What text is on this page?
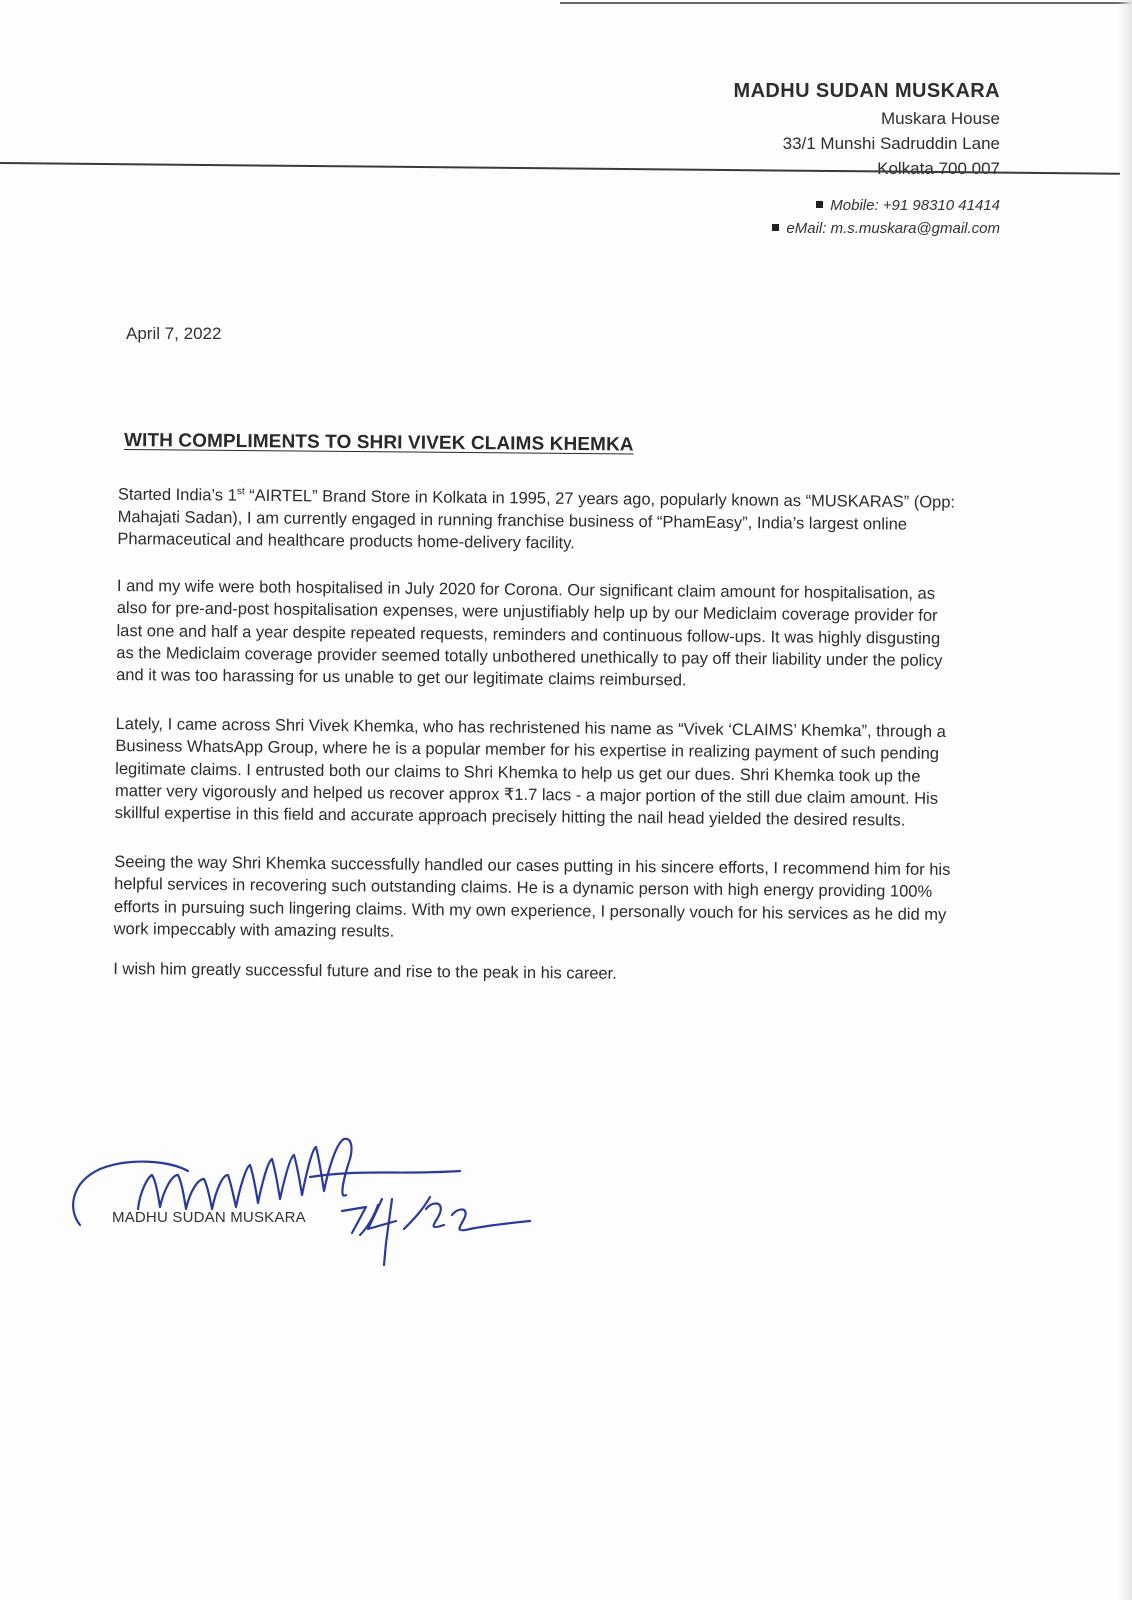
MADHU SUDAN MUSKARA
Muskara House
33/1 Munshi Sadruddin Lane
Kolkata 700 007
Mobile: +91 98310 41414
eMail: m.s.muskara@gmail.com
April 7, 2022
WITH COMPLIMENTS TO SHRI VIVEK CLAIMS KHEMKA

Started India’s 1st “AIRTEL” Brand Store in Kolkata in 1995, 27 years ago, popularly known as “MUSKARAS” (Opp: Mahajati Sadan), I am currently engaged in running franchise business of “PhamEasy”, India’s largest online Pharmaceutical and healthcare products home-delivery facility.

I and my wife were both hospitalised in July 2020 for Corona. Our significant claim amount for hospitalisation, as also for pre-and-post hospitalisation expenses, were unjustifiably help up by our Mediclaim coverage provider for last one and half a year despite repeated requests, reminders and continuous follow-ups. It was highly disgusting as the Mediclaim coverage provider seemed totally unbothered unethically to pay off their liability under the policy and it was too harassing for us unable to get our legitimate claims reimbursed.

Lately, I came across Shri Vivek Khemka, who has rechristened his name as “Vivek ‘CLAIMS’ Khemka”, through a Business WhatsApp Group, where he is a popular member for his expertise in realizing payment of such pending legitimate claims. I entrusted both our claims to Shri Khemka to help us get our dues. Shri Khemka took up the matter very vigorously and helped us recover approx ₹1.7 lacs - a major portion of the still due claim amount. His skillful expertise in this field and accurate approach precisely hitting the nail head yielded the desired results.

Seeing the way Shri Khemka successfully handled our cases putting in his sincere efforts, I recommend him for his helpful services in recovering such outstanding claims. He is a dynamic person with high energy providing 100% efforts in pursuing such lingering claims. With my own experience, I personally vouch for his services as he did my work impeccably with amazing results.

I wish him greatly successful future and rise to the peak in his career.

MADHU SUDAN MUSKARA
